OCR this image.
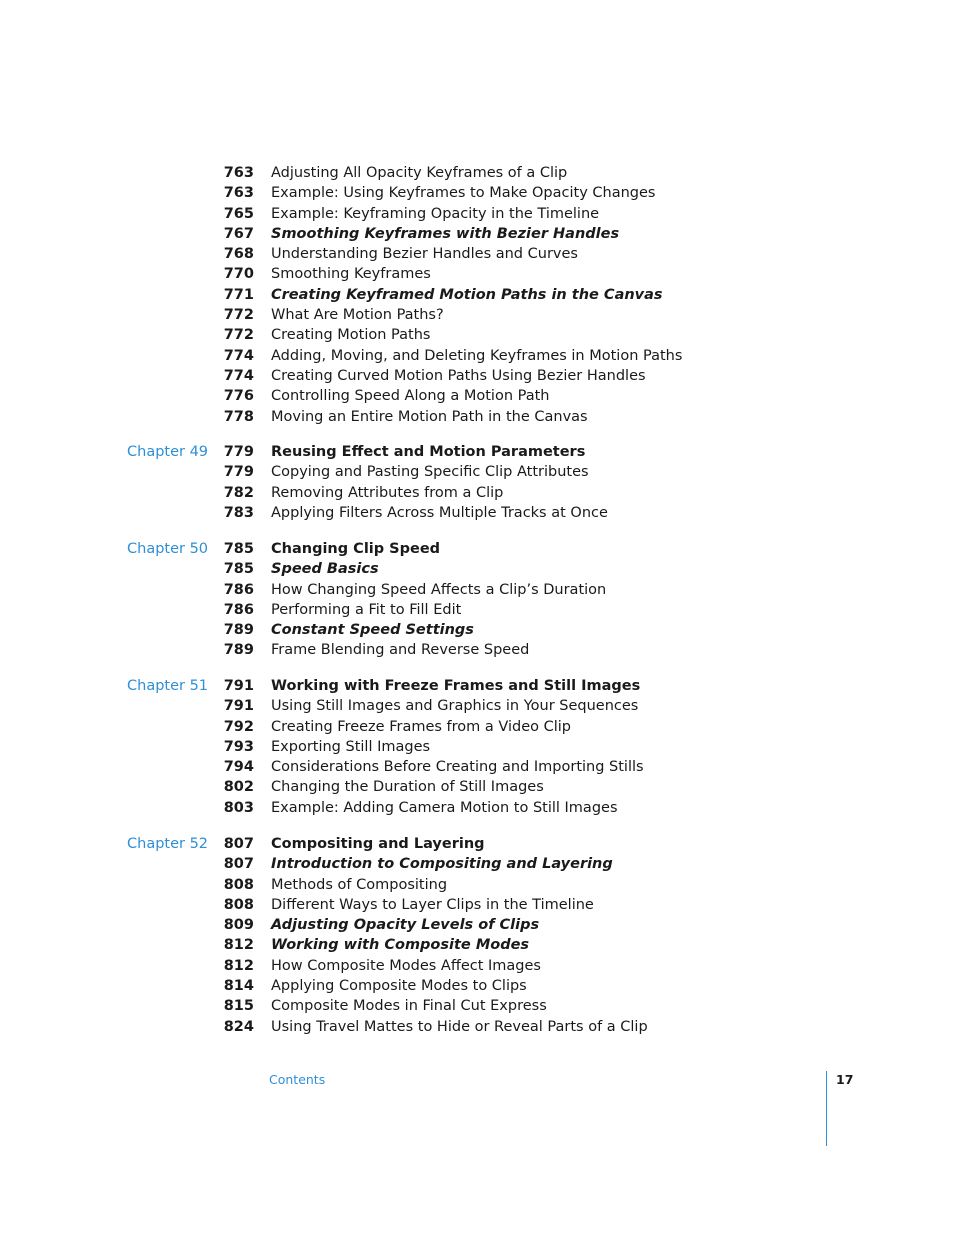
763 Adjusting All Opacity Keyframes of a Clip
763 Example: Using Keyframes to Make Opacity Changes
765 Example: Keyframing Opacity in the Timeline
767 Smoothing Keyframes with Bezier Handles
768 Understanding Bezier Handles and Curves
770 Smoothing Keyframes
771 Creating Keyframed Motion Paths in the Canvas
772 What Are Motion Paths?
772 Creating Motion Paths
774 Adding, Moving, and Deleting Keyframes in Motion Paths
774 Creating Curved Motion Paths Using Bezier Handles
776 Controlling Speed Along a Motion Path
778 Moving an Entire Motion Path in the Canvas
Chapter 49 779 Reusing Effect and Motion Parameters
779 Copying and Pasting Specific Clip Attributes
782 Removing Attributes from a Clip
783 Applying Filters Across Multiple Tracks at Once
Chapter 50 785 Changing Clip Speed
785 Speed Basics
786 How Changing Speed Affects a Clip’s Duration
786 Performing a Fit to Fill Edit
789 Constant Speed Settings
789 Frame Blending and Reverse Speed
Chapter 51 791 Working with Freeze Frames and Still Images
791 Using Still Images and Graphics in Your Sequences
792 Creating Freeze Frames from a Video Clip
793 Exporting Still Images
794 Considerations Before Creating and Importing Stills
802 Changing the Duration of Still Images
803 Example: Adding Camera Motion to Still Images
Chapter 52 807 Compositing and Layering
807 Introduction to Compositing and Layering
808 Methods of Compositing
808 Different Ways to Layer Clips in the Timeline
809 Adjusting Opacity Levels of Clips
812 Working with Composite Modes
812 How Composite Modes Affect Images
814 Applying Composite Modes to Clips
815 Composite Modes in Final Cut Express
824 Using Travel Mattes to Hide or Reveal Parts of a Clip
Contents	17
